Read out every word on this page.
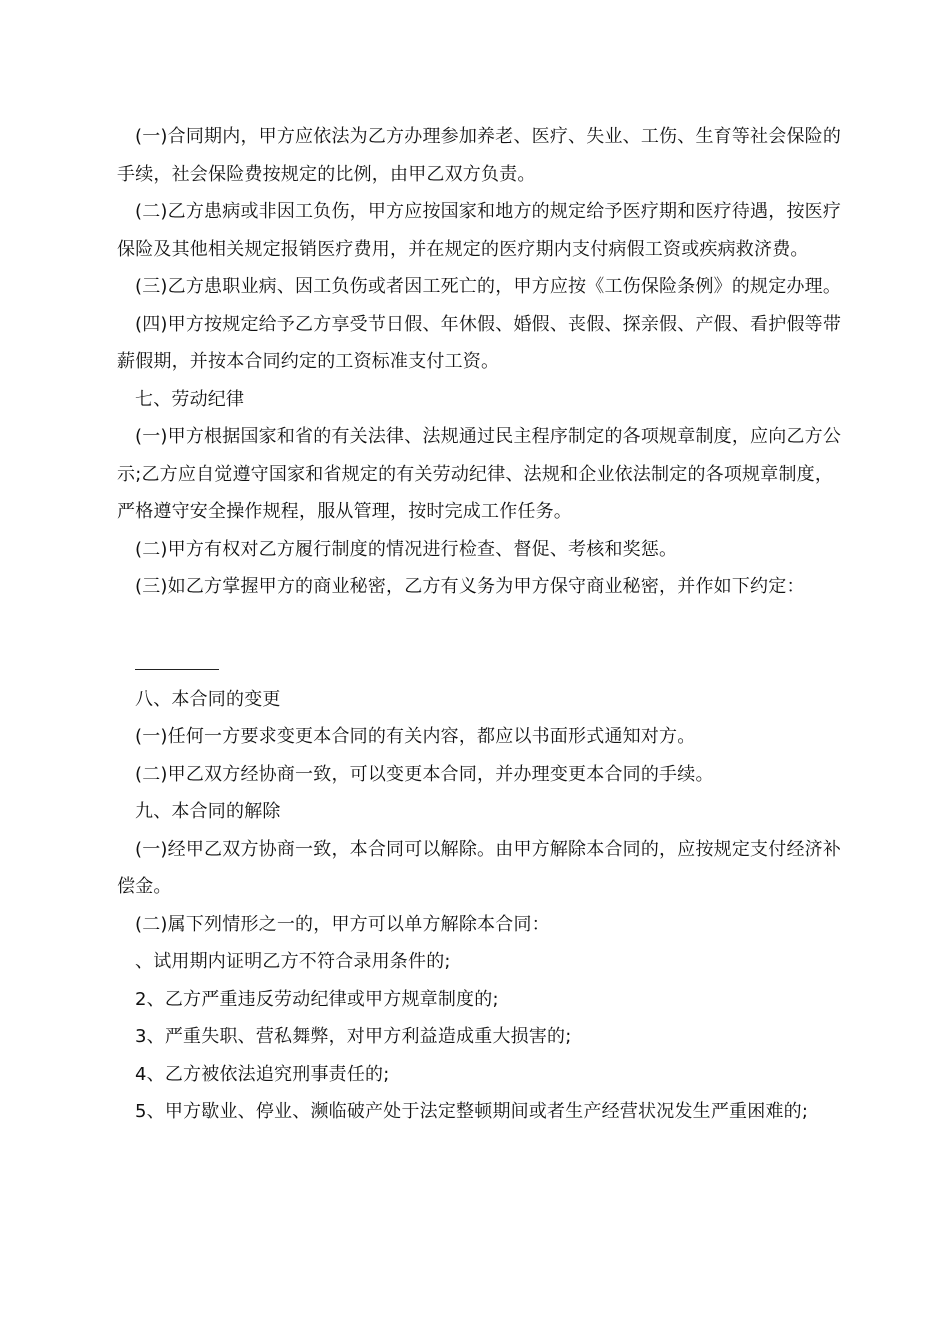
(一)合同期内，甲方应依法为乙方办理参加养老、医疗、失业、工伤、生育等社会保险的手续，社会保险费按规定的比例，由甲乙双方负责。

(二)乙方患病或非因工负伤，甲方应按国家和地方的规定给予医疗期和医疗待遇，按医疗保险及其他相关规定报销医疗费用，并在规定的医疗期内支付病假工资或疾病救济费。

(三)乙方患职业病、因工负伤或者因工死亡的，甲方应按《工伤保险条例》的规定办理。

(四)甲方按规定给予乙方享受节日假、年休假、婚假、丧假、探亲假、产假、看护假等带薪假期，并按本合同约定的工资标准支付工资。

七、劳动纪律

(一)甲方根据国家和省的有关法律、法规通过民主程序制定的各项规章制度，应向乙方公示;乙方应自觉遵守国家和省规定的有关劳动纪律、法规和企业依法制定的各项规章制度，严格遵守安全操作规程，服从管理，按时完成工作任务。

(二)甲方有权对乙方履行制度的情况进行检查、督促、考核和奖惩。

(三)如乙方掌握甲方的商业秘密，乙方有义务为甲方保守商业秘密，并作如下约定：

八、本合同的变更

(一)任何一方要求变更本合同的有关内容，都应以书面形式通知对方。

(二)甲乙双方经协商一致，可以变更本合同，并办理变更本合同的手续。

九、本合同的解除

(一)经甲乙双方协商一致，本合同可以解除。由甲方解除本合同的，应按规定支付经济补偿金。

(二)属下列情形之一的，甲方可以单方解除本合同：

、试用期内证明乙方不符合录用条件的;

2、乙方严重违反劳动纪律或甲方规章制度的;

3、严重失职、营私舞弊，对甲方利益造成重大损害的;

4、乙方被依法追究刑事责任的;

5、甲方歇业、停业、濒临破产处于法定整顿期间或者生产经营状况发生严重困难的;
